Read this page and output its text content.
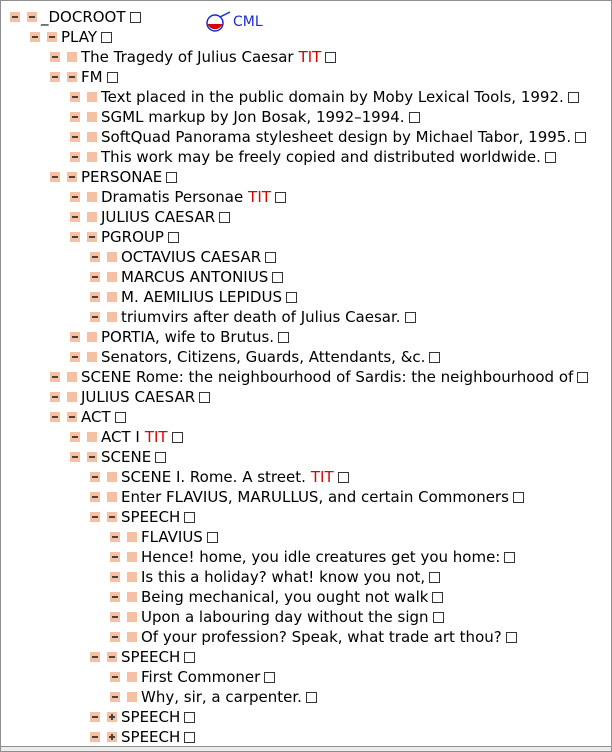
CML
_DOCROOT
PLAY
The Tragedy of Julius Caesar TIT
FM
Text placed in the public domain by Moby Lexical Tools, 1992.
SGML markup by Jon Bosak, 1992–1994.
SoftQuad Panorama stylesheet design by Michael Tabor, 1995.
This work may be freely copied and distributed worldwide.
PERSONAE
Dramatis Personae TIT
JULIUS CAESAR
PGROUP
OCTAVIUS CAESAR
MARCUS ANTONIUS
M. AEMILIUS LEPIDUS
triumvirs after death of Julius Caesar.
PORTIA, wife to Brutus.
Senators, Citizens, Guards, Attendants, &c.
SCENE Rome: the neighbourhood of Sardis: the neighbourhood of
JULIUS CAESAR
ACT
ACT I TIT
SCENE
SCENE I. Rome. A street. TIT
Enter FLAVIUS, MARULLUS, and certain Commoners
SPEECH
FLAVIUS
Hence! home, you idle creatures get you home:
Is this a holiday? what! know you not,
Being mechanical, you ought not walk
Upon a labouring day without the sign
Of your profession? Speak, what trade art thou?
SPEECH
First Commoner
Why, sir, a carpenter.
SPEECH
SPEECH
